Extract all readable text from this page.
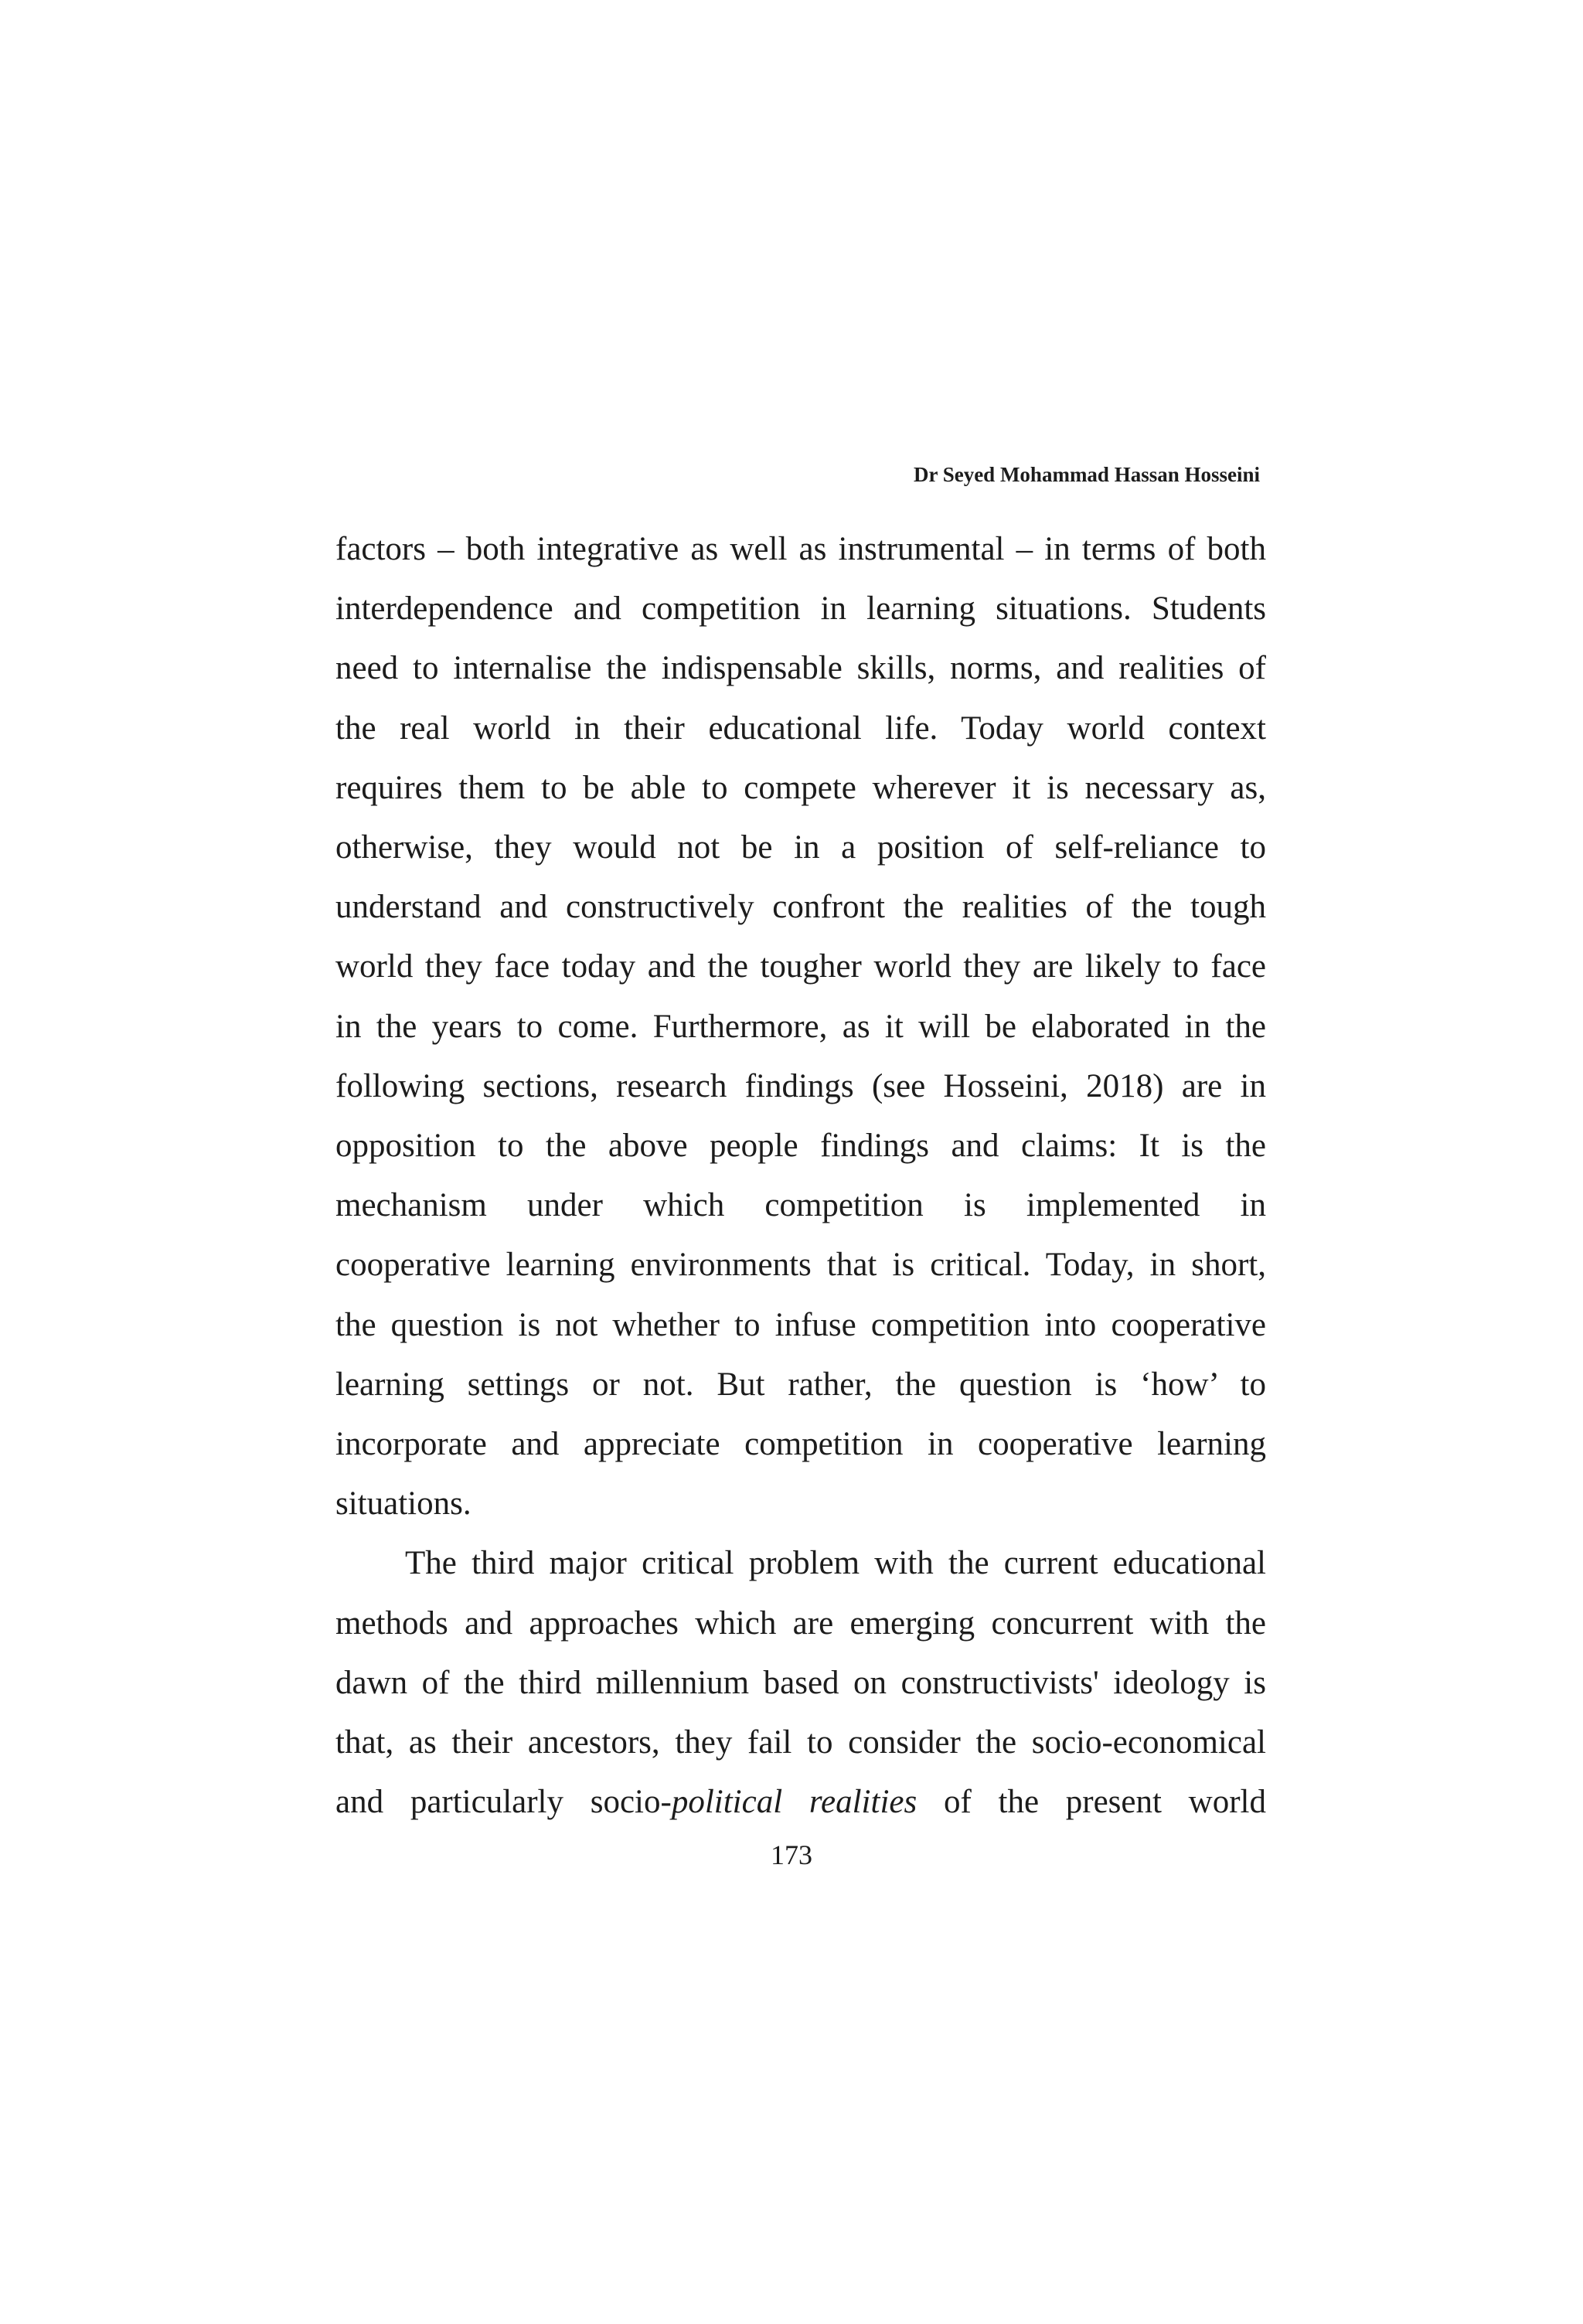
Dr Seyed Mohammad Hassan Hosseini
factors – both integrative as well as instrumental – in terms of both
interdependence and competition in learning situations. Students
need to internalise the indispensable skills, norms, and realities of
the real world in their educational life. Today world context
requires them to be able to compete wherever it is necessary as,
otherwise, they would not be in a position of self-reliance to
understand and constructively confront the realities of the tough
world they face today and the tougher world they are likely to face
in the years to come. Furthermore, as it will be elaborated in the
following sections, research findings (see Hosseini, 2018) are in
opposition to the above people findings and claims: It is the
mechanism under which competition is implemented in
cooperative learning environments that is critical. Today, in short,
the question is not whether to infuse competition into cooperative
learning settings or not. But rather, the question is ‘how’ to
incorporate and appreciate competition in cooperative learning
situations.
The third major critical problem with the current educational
methods and approaches which are emerging concurrent with the
dawn of the third millennium based on constructivists' ideology is
that, as their ancestors, they fail to consider the socio-economical
and particularly socio-political realities of the present world
173
